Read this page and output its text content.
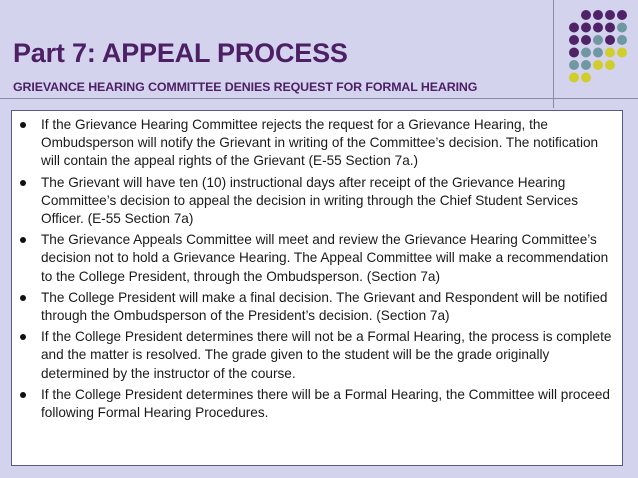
Part 7: APPEAL PROCESS
GRIEVANCE HEARING COMMITTEE DENIES REQUEST FOR FORMAL HEARING
If the Grievance Hearing Committee rejects the request for a Grievance Hearing, the Ombudsperson will notify the Grievant in writing of the Committee’s decision. The notification will contain the appeal rights of the Grievant (E-55 Section 7a.)
The Grievant will have ten (10) instructional days after receipt of the Grievance Hearing Committee’s decision to appeal the decision in writing through the Chief Student Services Officer. (E-55 Section 7a)
The Grievance Appeals Committee will meet and review the Grievance Hearing Committee’s decision not to hold a Grievance Hearing. The Appeal Committee will make a recommendation to the College President, through the Ombudsperson. (Section 7a)
The College President will make a final decision. The Grievant and Respondent will be notified through the Ombudsperson of the President’s decision. (Section 7a)
If the College President determines there will not be a Formal Hearing, the process is complete and the matter is resolved. The grade given to the student will be the grade originally determined by the instructor of the course.
If the College President determines there will be a Formal Hearing, the Committee will proceed following Formal Hearing Procedures.
